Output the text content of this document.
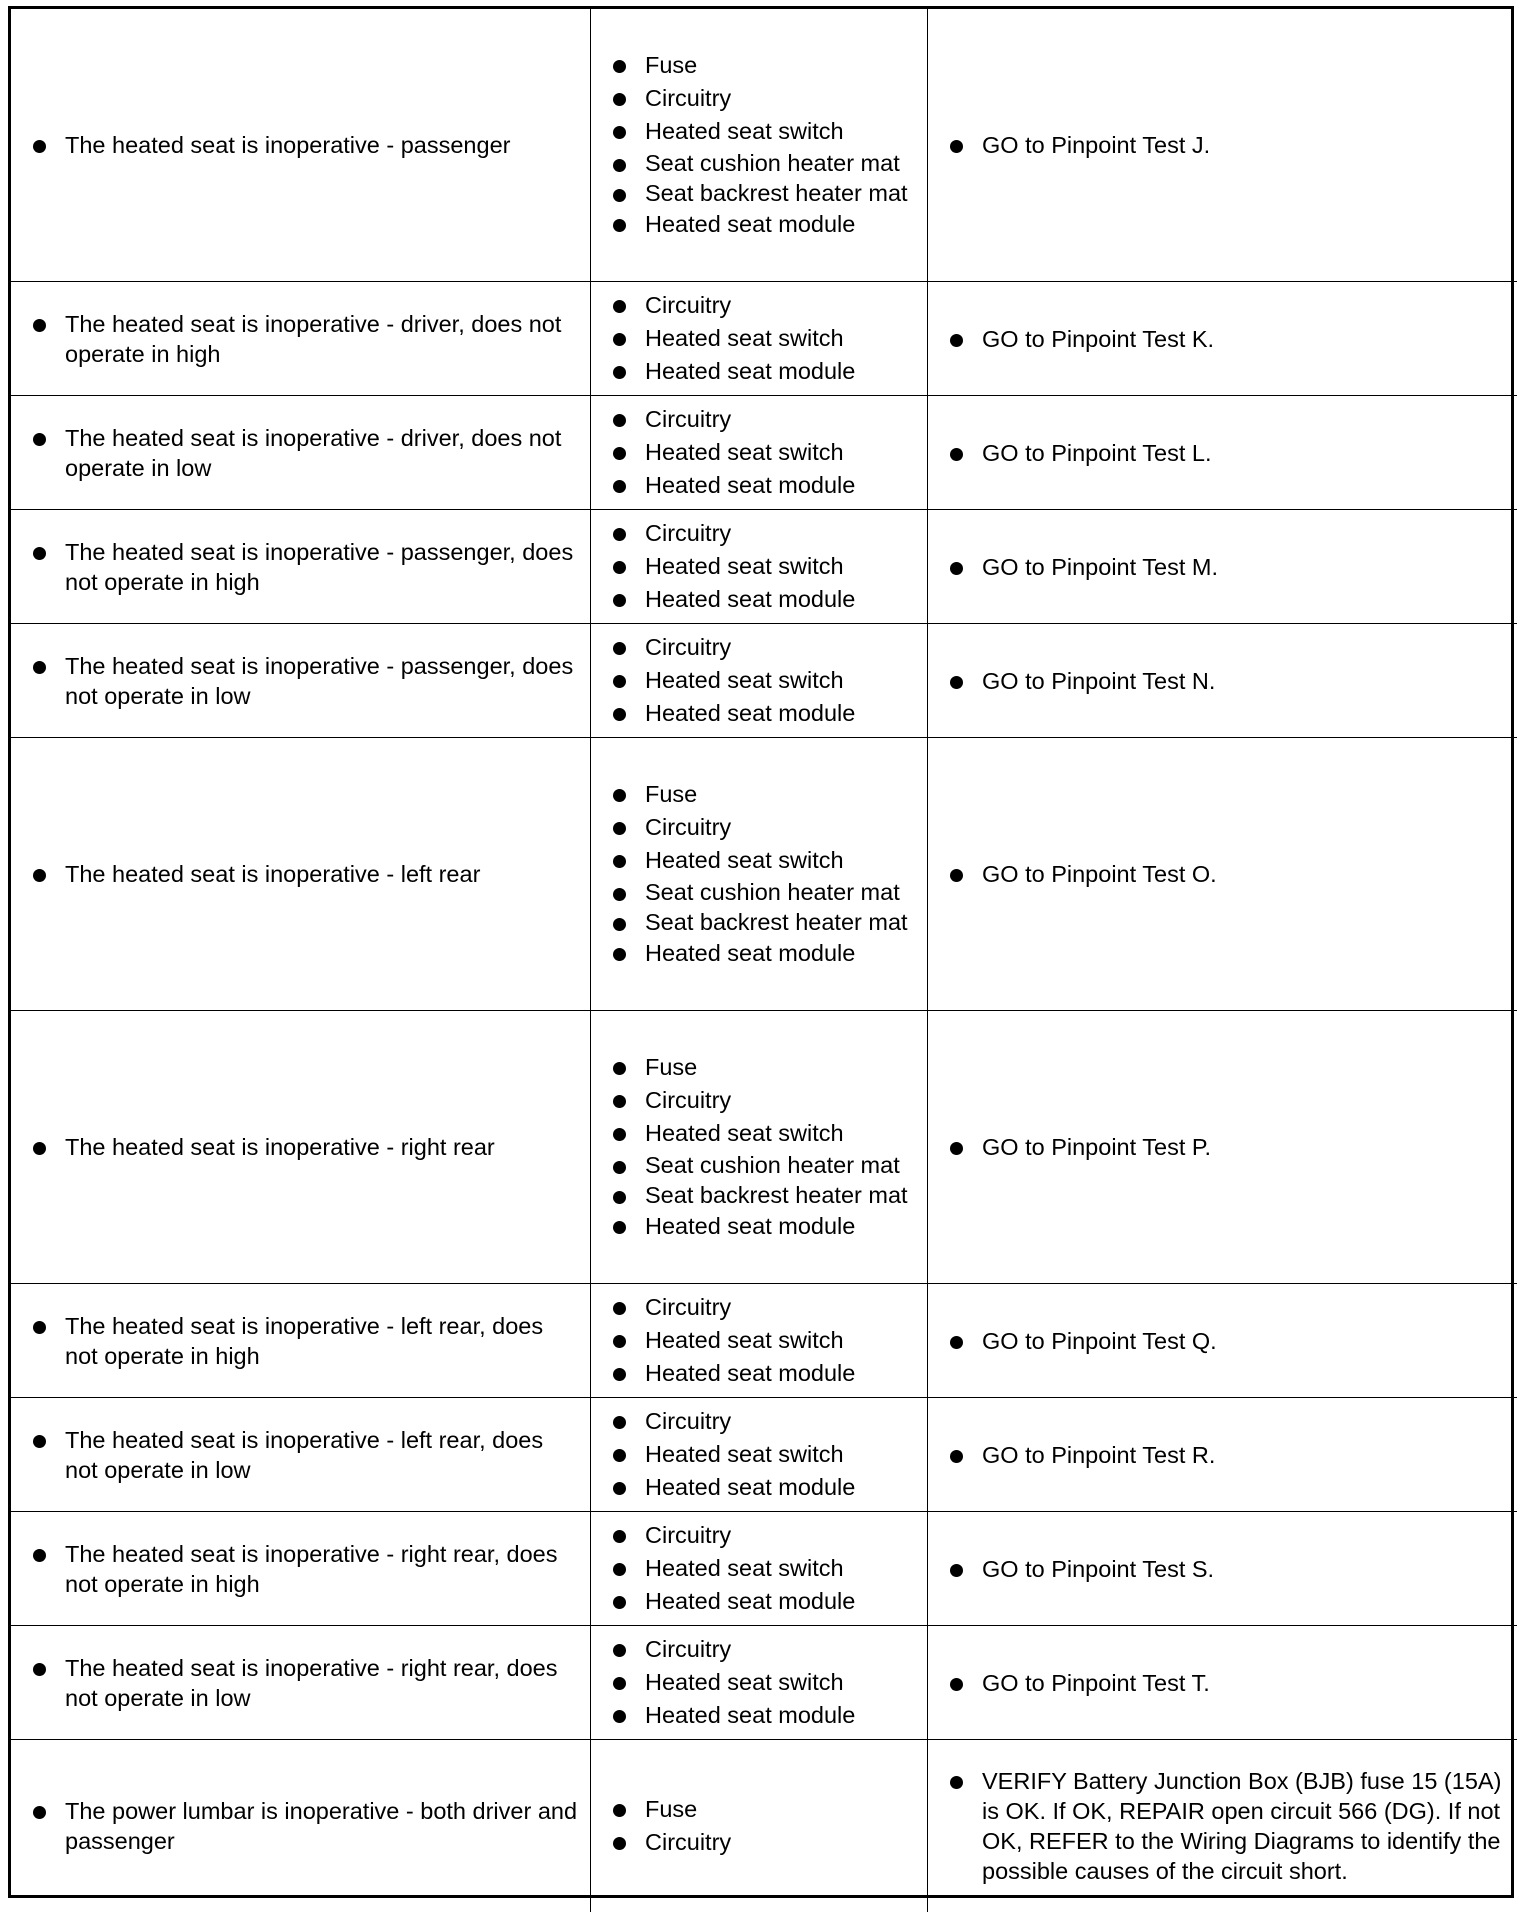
The heated seat is inoperative - passenger
Fuse
Circuitry
Heated seat switch
Seat cushion heater mat
Seat backrest heater mat
Heated seat module
GO to Pinpoint Test J.
The heated seat is inoperative - driver, does not operate in high
Circuitry
Heated seat switch
Heated seat module
GO to Pinpoint Test K.
The heated seat is inoperative - driver, does not operate in low
Circuitry
Heated seat switch
Heated seat module
GO to Pinpoint Test L.
The heated seat is inoperative - passenger, does not operate in high
Circuitry
Heated seat switch
Heated seat module
GO to Pinpoint Test M.
The heated seat is inoperative - passenger, does not operate in low
Circuitry
Heated seat switch
Heated seat module
GO to Pinpoint Test N.
The heated seat is inoperative - left rear
Fuse
Circuitry
Heated seat switch
Seat cushion heater mat
Seat backrest heater mat
Heated seat module
GO to Pinpoint Test O.
The heated seat is inoperative - right rear
Fuse
Circuitry
Heated seat switch
Seat cushion heater mat
Seat backrest heater mat
Heated seat module
GO to Pinpoint Test P.
The heated seat is inoperative - left rear, does not operate in high
Circuitry
Heated seat switch
Heated seat module
GO to Pinpoint Test Q.
The heated seat is inoperative - left rear, does not operate in low
Circuitry
Heated seat switch
Heated seat module
GO to Pinpoint Test R.
The heated seat is inoperative - right rear, does not operate in high
Circuitry
Heated seat switch
Heated seat module
GO to Pinpoint Test S.
The heated seat is inoperative - right rear, does not operate in low
Circuitry
Heated seat switch
Heated seat module
GO to Pinpoint Test T.
The power lumbar is inoperative - both driver and passenger
Fuse
Circuitry
VERIFY Battery Junction Box (BJB) fuse 15 (15A) is OK. If OK, REPAIR open circuit 566 (DG). If not OK, REFER to the Wiring Diagrams to identify the possible causes of the circuit short.
